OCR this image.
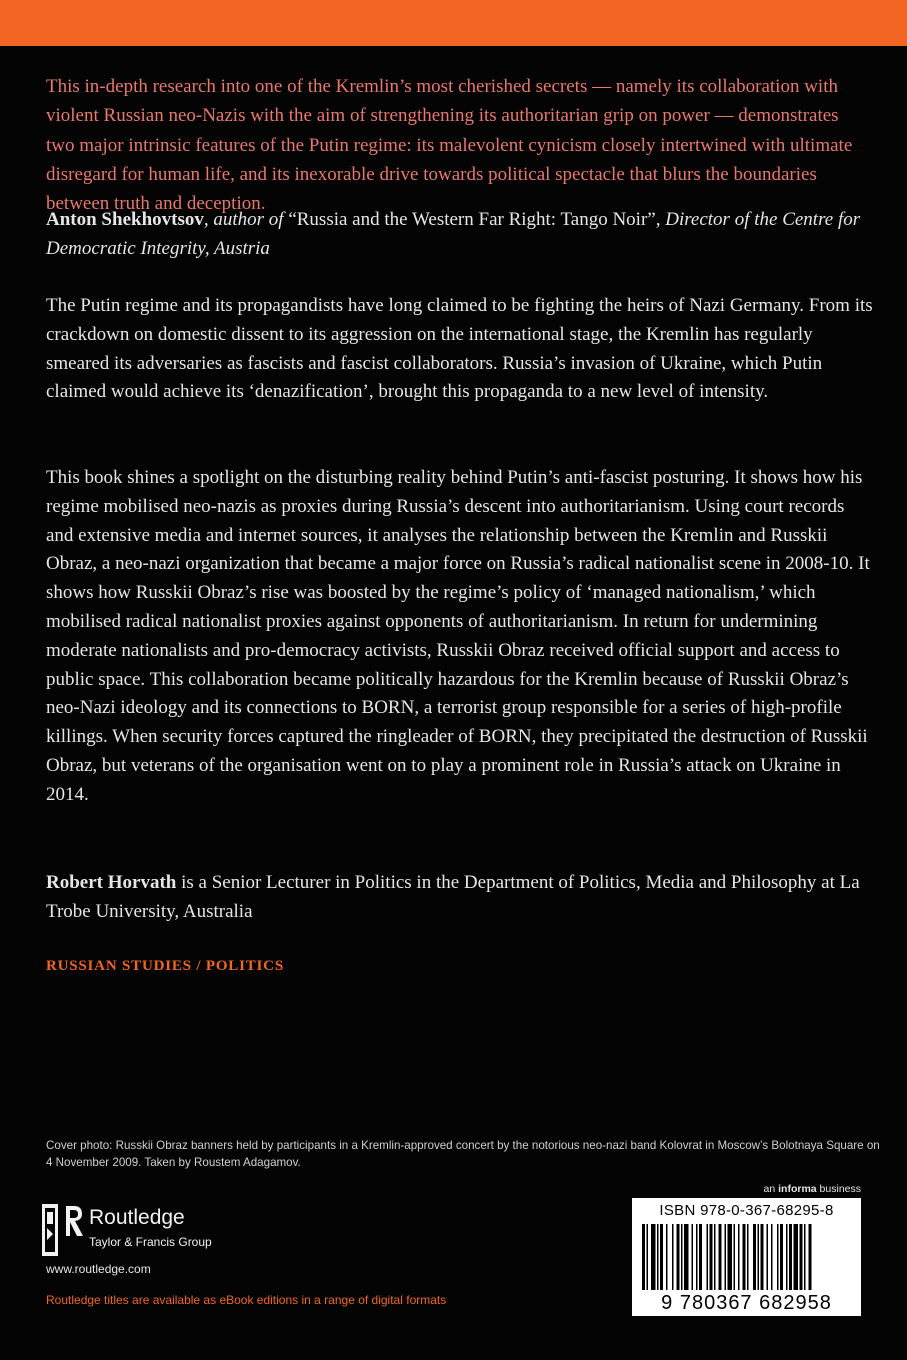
This in-depth research into one of the Kremlin’s most cherished secrets — namely its collaboration with violent Russian neo-Nazis with the aim of strengthening its authoritarian grip on power — demonstrates two major intrinsic features of the Putin regime: its malevolent cynicism closely intertwined with ultimate disregard for human life, and its inexorable drive towards political spectacle that blurs the boundaries between truth and deception.
Anton Shekhovtsov, author of “Russia and the Western Far Right: Tango Noir”, Director of the Centre for Democratic Integrity, Austria
The Putin regime and its propagandists have long claimed to be fighting the heirs of Nazi Germany. From its crackdown on domestic dissent to its aggression on the international stage, the Kremlin has regularly smeared its adversaries as fascists and fascist collaborators. Russia’s invasion of Ukraine, which Putin claimed would achieve its ‘denazification’, brought this propaganda to a new level of intensity.
This book shines a spotlight on the disturbing reality behind Putin’s anti-fascist posturing. It shows how his regime mobilised neo-nazis as proxies during Russia’s descent into authoritarianism. Using court records and extensive media and internet sources, it analyses the relationship between the Kremlin and Russkii Obraz, a neo-nazi organization that became a major force on Russia’s radical nationalist scene in 2008-10. It shows how Russkii Obraz’s rise was boosted by the regime’s policy of ‘managed nationalism,’ which mobilised radical nationalist proxies against opponents of authoritarianism. In return for undermining moderate nationalists and pro-democracy activists, Russkii Obraz received official support and access to public space. This collaboration became politically hazardous for the Kremlin because of Russkii Obraz’s neo-Nazi ideology and its connections to BORN, a terrorist group responsible for a series of high-profile killings. When security forces captured the ringleader of BORN, they precipitated the destruction of Russkii Obraz, but veterans of the organisation went on to play a prominent role in Russia’s attack on Ukraine in 2014.
Robert Horvath is a Senior Lecturer in Politics in the Department of Politics, Media and Philosophy at La Trobe University, Australia
RUSSIAN STUDIES / POLITICS
Cover photo: Russkii Obraz banners held by participants in a Kremlin-approved concert by the notorious neo-nazi band Kolovrat in Moscow’s Bolotnaya Square on 4 November 2009. Taken by Roustem Adagamov.
Routledge
Taylor & Francis Group
www.routledge.com
Routledge titles are available as eBook editions in a range of digital formats
an informa business
ISBN 978-0-367-68295-8
9 780367 682958
